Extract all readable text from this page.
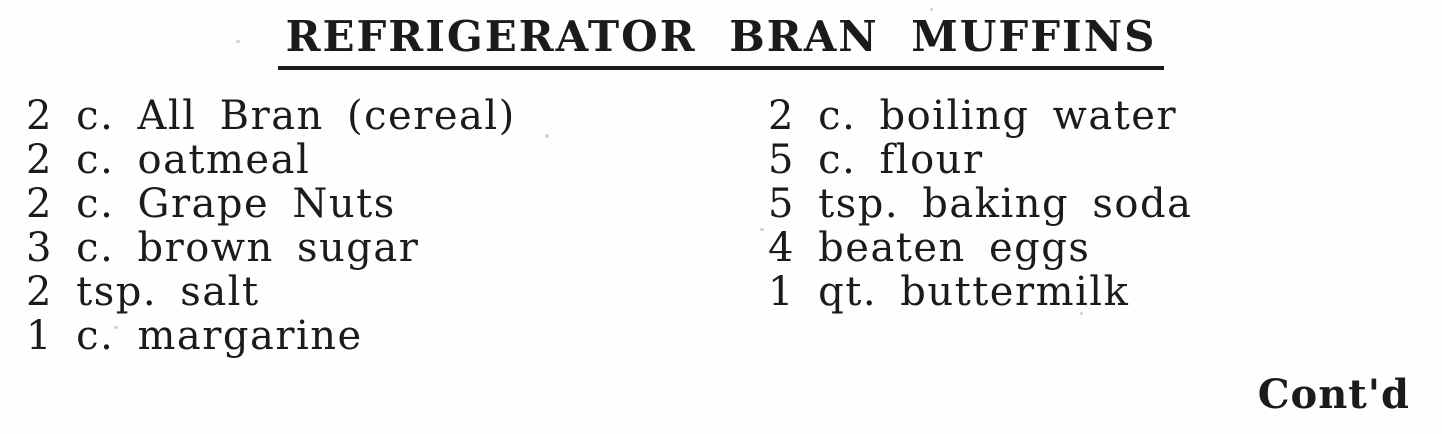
REFRIGERATOR BRAN MUFFINS
2 c. All Bran (cereal)
2 c. oatmeal
2 c. Grape Nuts
3 c. brown sugar
2 tsp. salt
1 c. margarine
2 c. boiling water
5 c. flour
5 tsp. baking soda
4 beaten eggs
1 qt. buttermilk
Cont'd
